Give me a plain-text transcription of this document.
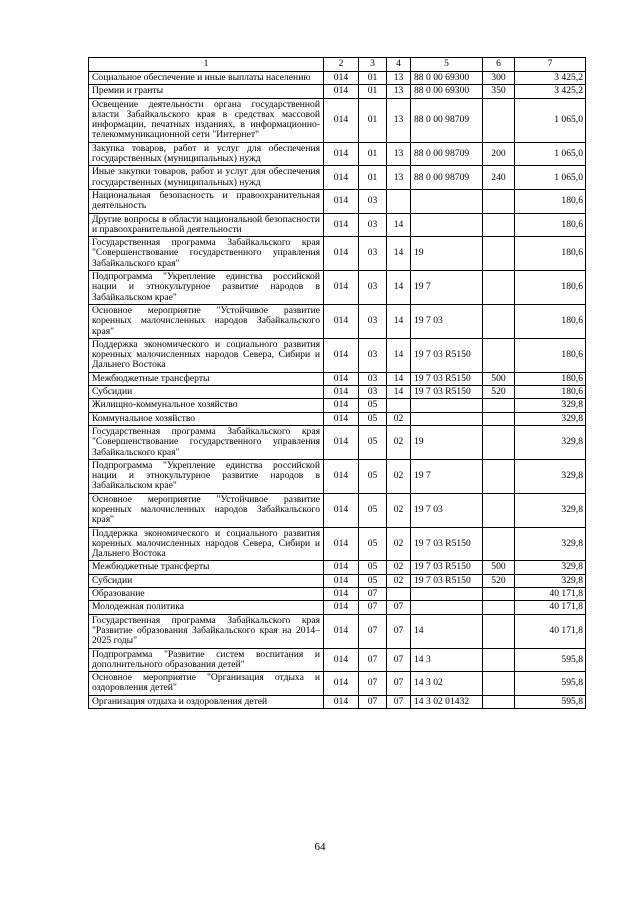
1	2	3	4	5	6	7
Социальное обеспечение и иные выплаты населению	014	01	13	88 0 00 69300	300	3 425,2
Премии и гранты	014	01	13	88 0 00 69300	350	3 425,2
Освещение деятельности органа государственной власти Забайкальского края в средствах массовой информации, печатных изданиях, в информационно-телекоммуникационной сети "Интернет"	014	01	13	88 0 00 98709		1 065,0
Закупка товаров, работ и услуг для обеспечения государственных (муниципальных) нужд	014	01	13	88 0 00 98709	200	1 065,0
Иные закупки товаров, работ и услуг для обеспечения государственных (муниципальных) нужд	014	01	13	88 0 00 98709	240	1 065,0
Национальная безопасность и правоохранительная деятельность	014	03				180,6
Другие вопросы в области национальной безопасности и правоохранительной деятельности	014	03	14			180,6
Государственная программа Забайкальского края "Совершенствование государственного управления Забайкальского края"	014	03	14	19		180,6
Подпрограмма "Укрепление единства российской нации и этнокультурное развитие народов в Забайкальском крае"	014	03	14	19 7		180,6
Основное мероприятие "Устойчивое развитие коренных малочисленных народов Забайкальского края"	014	03	14	19 7 03		180,6
Поддержка экономического и социального развития коренных малочисленных народов Севера, Сибири и Дальнего Востока	014	03	14	19 7 03 R5150		180,6
Межбюджетные трансферты	014	03	14	19 7 03 R5150	500	180,6
Субсидии	014	03	14	19 7 03 R5150	520	180,6
Жилищно-коммунальное хозяйство	014	05				329,8
Коммунальное хозяйство	014	05	02			329,8
Государственная программа Забайкальского края "Совершенствование государственного управления Забайкальского края"	014	05	02	19		329,8
Подпрограмма "Укрепление единства российской нации и этнокультурное развитие народов в Забайкальском крае"	014	05	02	19 7		329,8
Основное мероприятие "Устойчивое развитие коренных малочисленных народов Забайкальского края"	014	05	02	19 7 03		329,8
Поддержка экономического и социального развития коренных малочисленных народов Севера, Сибири и Дальнего Востока	014	05	02	19 7 03 R5150		329,8
Межбюджетные трансферты	014	05	02	19 7 03 R5150	500	329,8
Субсидии	014	05	02	19 7 03 R5150	520	329,8
Образование	014	07				40 171,8
Молодежная политика	014	07	07			40 171,8
Государственная программа Забайкальского края "Развитие образования Забайкальского края на 2014–2025 годы"	014	07	07	14		40 171,8
Подпрограмма "Развитие систем воспитания и дополнительного образования детей"	014	07	07	14 3		595,8
Основное мероприятие "Организация отдыха и оздоровления детей"	014	07	07	14 3 02		595,8
Организация отдыха и оздоровления детей	014	07	07	14 3 02 01432		595,8
64
